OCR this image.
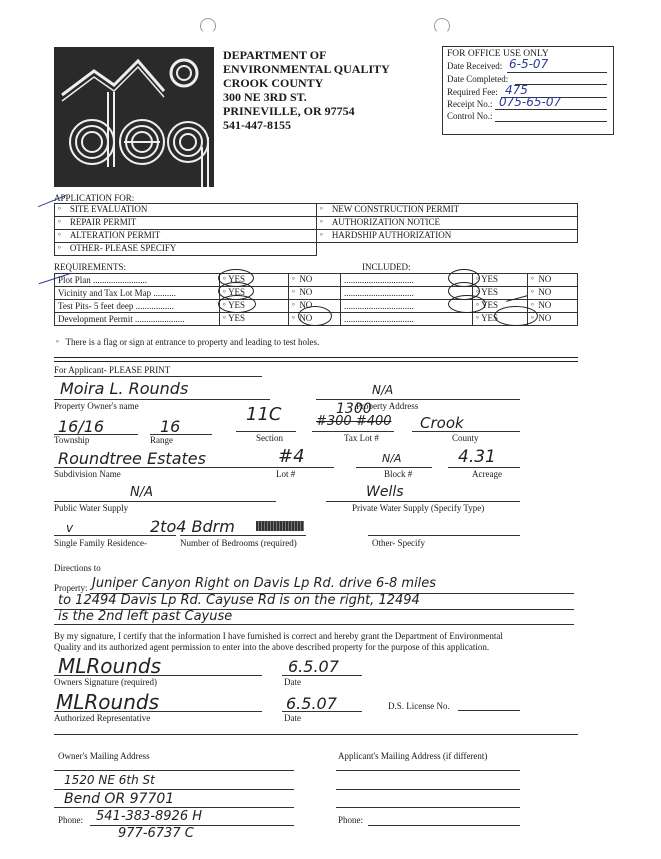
DEPARTMENT OF
ENVIRONMENTAL QUALITY
CROOK COUNTY
300 NE 3RD ST.
PRINEVILLE, OR 97754
541-447-8155
FOR OFFICE USE ONLY
Date Received: 6-5-07
Date Completed:
Required Fee: 475
Receipt No.: 075-65-07
Control No.:
APPLICATION FOR:
° SITE EVALUATION	° NEW CONSTRUCTION PERMIT
° REPAIR PERMIT	° AUTHORIZATION NOTICE
° ALTERATION PERMIT	° HARDSHIP AUTHORIZATION
° OTHER- PLEASE SPECIFY	
REQUIREMENTS:	INCLUDED:
Plot Plan ........................	° YES	° NO	...............................	° YES	° NO
Vicinity and Tax Lot Map ..........	° YES	° NO	...............................	° YES	° NO
Test Pits- 5 feet deep .................	° YES	° NO	...............................	° YES	° NO
Development Permit ......................	° YES	° NO	...............................	° YES	° NO
° There is a flag or sign at entrance to property and leading to test holes.
For Applicant- PLEASE PRINT
Moira L. Rounds
Property Owner's name
N/A
Property Address
16/16
Township
16
Range
11C
Section
1300
#300 #400
Tax Lot #
Crook
County
Roundtree Estates
Subdivision Name
#4
Lot #
N/A
Block #
4.31
Acreage
N/A
Public Water Supply
Wells
Private Water Supply (Specify Type)
v	2to4 Bdrm
Single Family Residence-	Number of Bedrooms (required)	Other- Specify
Directions to
Property: Juniper Canyon Right on Davis Lp Rd. drive 6-8 miles
to 12494 Davis Lp Rd. Cayuse Rd is on the right, 12494
is the 2nd left past Cayuse
By my signature, I certify that the information I have furnished is correct and hereby grant the Department of Environmental
Quality and its authorized agent permission to enter into the above described property for the purpose of this application.
MLRounds
Owners Signature (required)
6.5.07
Date
MLRounds
Authorized Representative
6.5.07
Date
D.S. License No.
Owner's Mailing Address	Applicant's Mailing Address (if different)
1520 NE 6th St
Bend OR 97701
Phone: 541-383-8926 H
977-6737 C
Phone:
